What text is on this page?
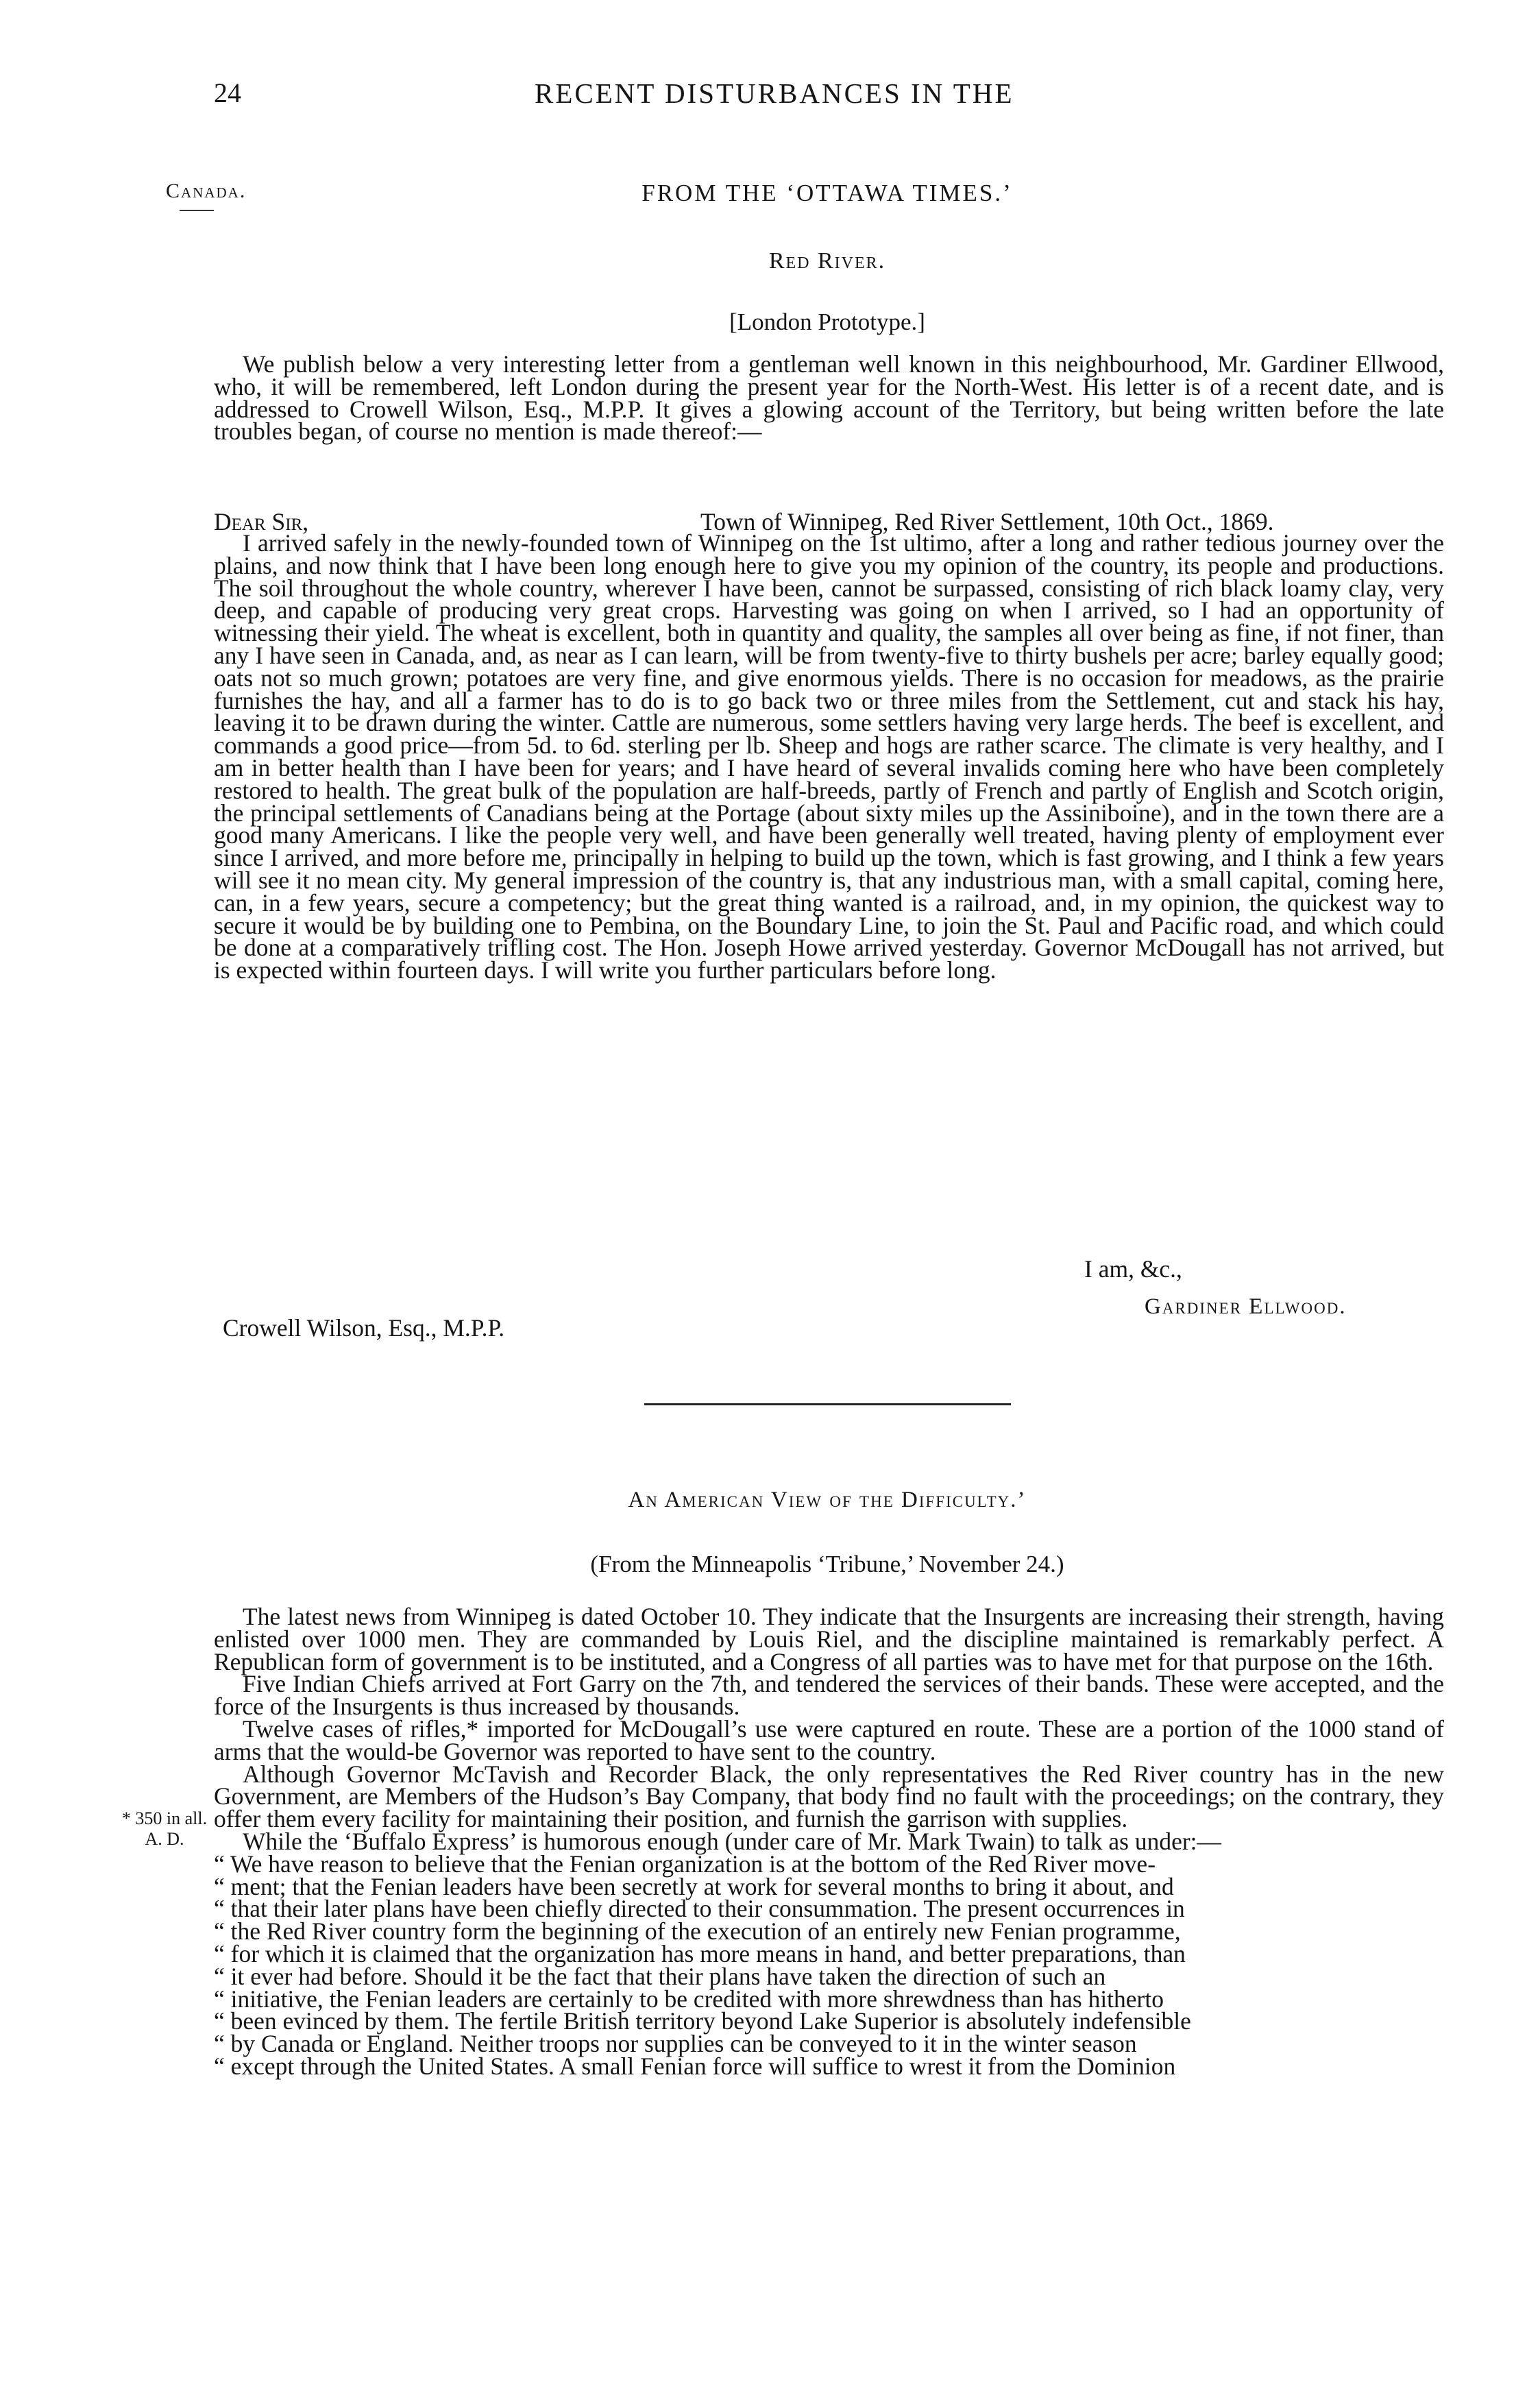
24	RECENT DISTURBANCES IN THE
Canada.	FROM THE ‘OTTAWA TIMES.’
Red River.
[London Prototype.]
We publish below a very interesting letter from a gentleman well known in this neighbourhood, Mr. Gardiner Ellwood, who, it will be remembered, left London during the present year for the North-West. His letter is of a recent date, and is addressed to Crowell Wilson, Esq., M.P.P. It gives a glowing account of the Territory, but being written before the late troubles began, of course no mention is made thereof:—
Dear Sir,	Town of Winnipeg, Red River Settlement, 10th Oct., 1869.
I arrived safely in the newly-founded town of Winnipeg on the 1st ultimo, after a long and rather tedious journey over the plains, and now think that I have been long enough here to give you my opinion of the country, its people and productions. The soil throughout the whole country, wherever I have been, cannot be surpassed, consisting of rich black loamy clay, very deep, and capable of producing very great crops. Harvesting was going on when I arrived, so I had an opportunity of witnessing their yield. The wheat is excellent, both in quantity and quality, the samples all over being as fine, if not finer, than any I have seen in Canada, and, as near as I can learn, will be from twenty-five to thirty bushels per acre; barley equally good; oats not so much grown; potatoes are very fine, and give enormous yields. There is no occasion for meadows, as the prairie furnishes the hay, and all a farmer has to do is to go back two or three miles from the Settlement, cut and stack his hay, leaving it to be drawn during the winter. Cattle are numerous, some settlers having very large herds. The beef is excellent, and commands a good price—from 5d. to 6d. sterling per lb. Sheep and hogs are rather scarce. The climate is very healthy, and I am in better health than I have been for years; and I have heard of several invalids coming here who have been completely restored to health. The great bulk of the population are half-breeds, partly of French and partly of English and Scotch origin, the principal settlements of Canadians being at the Portage (about sixty miles up the Assiniboine), and in the town there are a good many Americans. I like the people very well, and have been generally well treated, having plenty of employment ever since I arrived, and more before me, principally in helping to build up the town, which is fast growing, and I think a few years will see it no mean city. My general impression of the country is, that any industrious man, with a small capital, coming here, can, in a few years, secure a competency; but the great thing wanted is a railroad, and, in my opinion, the quickest way to secure it would be by building one to Pembina, on the Boundary Line, to join the St. Paul and Pacific road, and which could be done at a comparatively trifling cost. The Hon. Joseph Howe arrived yesterday. Governor McDougall has not arrived, but is expected within fourteen days. I will write you further particulars before long.
I am, &c.,
Gardiner Ellwood.
Crowell Wilson, Esq., M.P.P.
An American View of the Difficulty.’
(From the Minneapolis ‘Tribune,’ November 24.)
* 350 in all. A. D.

The latest news from Winnipeg is dated October 10. They indicate that the Insurgents are increasing their strength, having enlisted over 1000 men. They are commanded by Louis Riel, and the discipline maintained is remarkably perfect. A Republican form of government is to be instituted, and a Congress of all parties was to have met for that purpose on the 16th.

Five Indian Chiefs arrived at Fort Garry on the 7th, and tendered the services of their bands. These were accepted, and the force of the Insurgents is thus increased by thousands.

Twelve cases of rifles,* imported for McDougall’s use were captured en route. These are a portion of the 1000 stand of arms that the would-be Governor was reported to have sent to the country.

Although Governor McTavish and Recorder Black, the only representatives the Red River country has in the new Government, are Members of the Hudson’s Bay Company, that body find no fault with the proceedings; on the contrary, they offer them every facility for maintaining their position, and furnish the garrison with supplies.

While the ‘Buffalo Express’ is humorous enough (under care of Mr. Mark Twain) to talk as under:—

“ We have reason to believe that the Fenian organization is at the bottom of the Red River move-
“ ment; that the Fenian leaders have been secretly at work for several months to bring it about, and
“ that their later plans have been chiefly directed to their consummation. The present occurrences in
“ the Red River country form the beginning of the execution of an entirely new Fenian programme,
“ for which it is claimed that the organization has more means in hand, and better preparations, than
“ it ever had before. Should it be the fact that their plans have taken the direction of such an
“ initiative, the Fenian leaders are certainly to be credited with more shrewdness than has hitherto
“ been evinced by them. The fertile British territory beyond Lake Superior is absolutely indefensible
“ by Canada or England. Neither troops nor supplies can be conveyed to it in the winter season
“ except through the United States. A small Fenian force will suffice to wrest it from the Dominion
